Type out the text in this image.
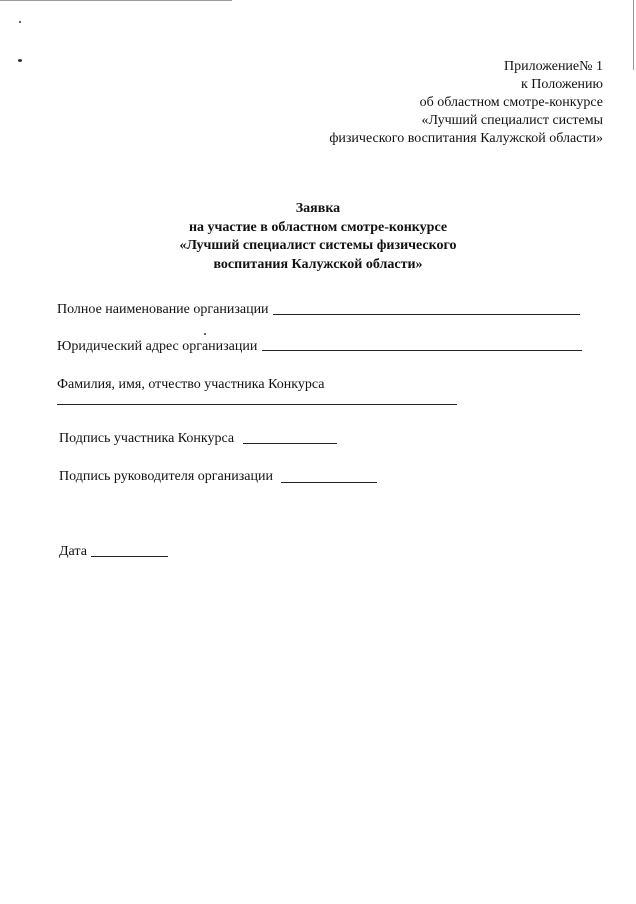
Приложение№ 1
к Положению
об областном смотре-конкурсе
«Лучший специалист системы
физического воспитания Калужской области»
Заявка
на участие в областном смотре-конкурсе
«Лучший специалист системы физического
воспитания Калужской области»
Полное наименование организации
Юридический адрес организации
Фамилия, имя, отчество участника Конкурса
Подпись участника Конкурса
Подпись руководителя организации
Дата
